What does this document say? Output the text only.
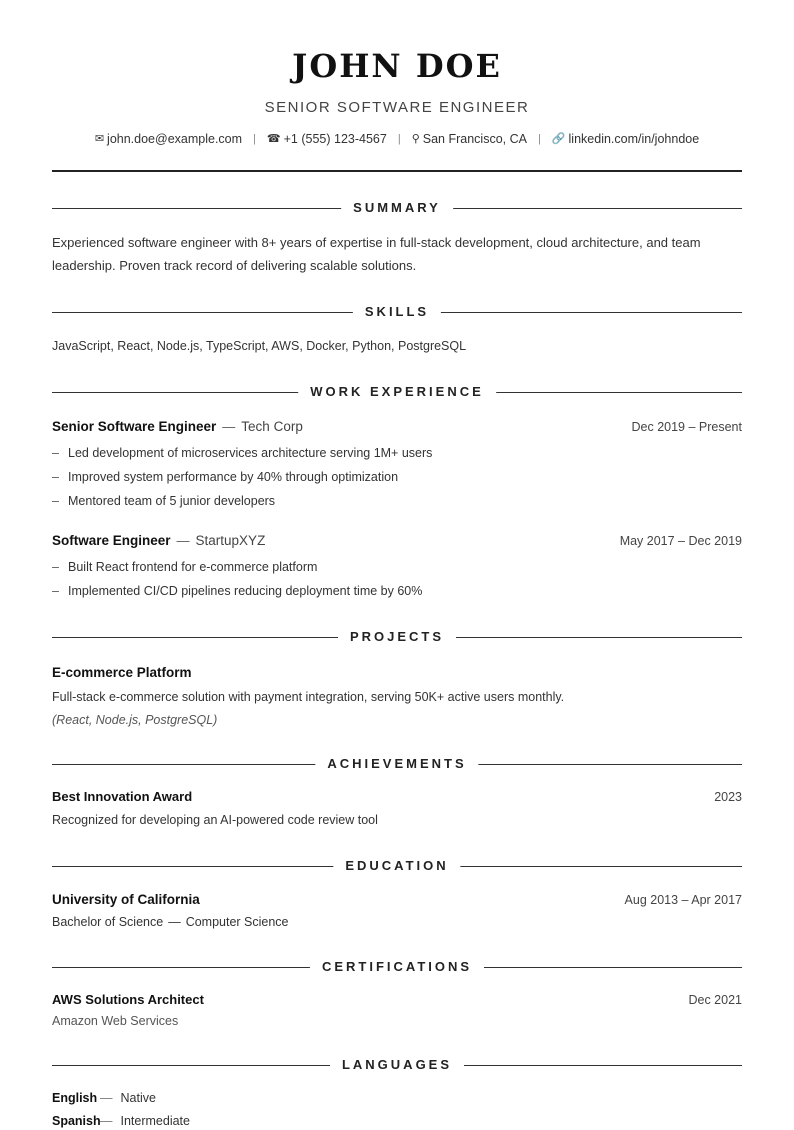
JOHN DOE
SENIOR SOFTWARE ENGINEER
✉ john.doe@example.com | ☎ +1 (555) 123-4567 | ⚲ San Francisco, CA | 🔗 linkedin.com/in/johndoe
SUMMARY
Experienced software engineer with 8+ years of expertise in full-stack development, cloud architecture, and team leadership. Proven track record of delivering scalable solutions.
SKILLS
JavaScript, React, Node.js, TypeScript, AWS, Docker, Python, PostgreSQL
WORK EXPERIENCE
Senior Software Engineer — Tech Corp	Dec 2019 – Present
– Led development of microservices architecture serving 1M+ users
– Improved system performance by 40% through optimization
– Mentored team of 5 junior developers
Software Engineer — StartupXYZ	May 2017 – Dec 2019
– Built React frontend for e-commerce platform
– Implemented CI/CD pipelines reducing deployment time by 60%
PROJECTS
E-commerce Platform
Full-stack e-commerce solution with payment integration, serving 50K+ active users monthly.
(React, Node.js, PostgreSQL)
ACHIEVEMENTS
Best Innovation Award	2023
Recognized for developing an AI-powered code review tool
EDUCATION
University of California	Aug 2013 – Apr 2017
Bachelor of Science — Computer Science
CERTIFICATIONS
AWS Solutions Architect	Dec 2021
Amazon Web Services
LANGUAGES
English — Native
Spanish— Intermediate
